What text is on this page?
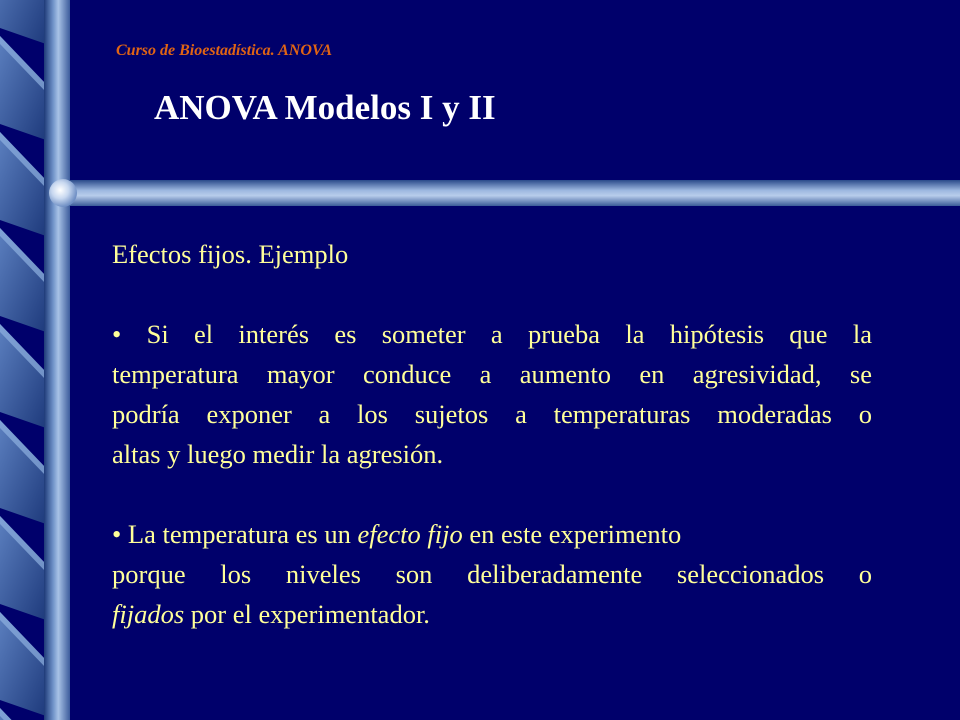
Curso de Bioestadística. ANOVA
ANOVA Modelos I y II

Efectos fijos. Ejemplo

• Si el interés es someter a prueba la hipótesis que la

temperatura mayor conduce a aumento en agresividad, se

podría exponer a los sujetos a temperaturas moderadas o

altas y luego medir la agresión.

• La temperatura es un efecto fijo en este experimento

porque los niveles son deliberadamente seleccionados o

fijados por el experimentador.
